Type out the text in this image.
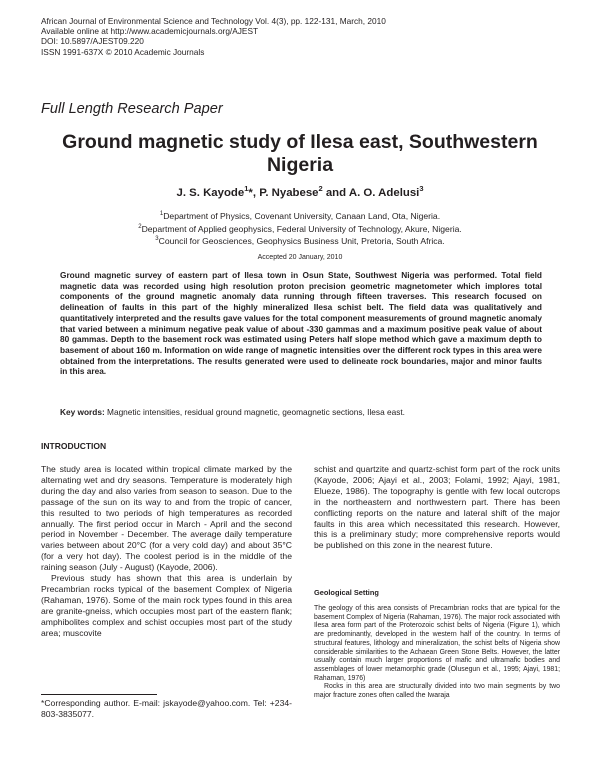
African Journal of Environmental Science and Technology Vol. 4(3), pp. 122-131, March, 2010
Available online at http://www.academicjournals.org/AJEST
DOI: 10.5897/AJEST09.220
ISSN 1991-637X © 2010 Academic Journals
Full Length Research Paper
Ground magnetic study of Ilesa east, Southwestern Nigeria
J. S. Kayode$^1$*, P. Nyabese$^2$ and A. O. Adelusi$^3$
$^1$Department of Physics, Covenant University, Canaan Land, Ota, Nigeria.
$^2$Department of Applied geophysics, Federal University of Technology, Akure, Nigeria.
$^3$Council for Geosciences, Geophysics Business Unit, Pretoria, South Africa.
Accepted 20 January, 2010

Ground magnetic survey of eastern part of Ilesa town in Osun State, Southwest Nigeria was performed. Total field magnetic data was recorded using high resolution proton precision geometric magnetometer which implores total components of the ground magnetic anomaly data running through fifteen traverses. This research focused on delineation of faults in this part of the highly mineralized Ilesa schist belt. The field data was qualitatively and quantitatively interpreted and the results gave values for the total component measurements of ground magnetic anomaly that varied between a minimum negative peak value of about -330 gammas and a maximum positive peak value of about 80 gammas. Depth to the basement rock was estimated using Peters half slope method which gave a maximum depth to basement of about 160 m. Information on wide range of magnetic intensities over the different rock types in this area were obtained from the interpretations. The results generated were used to delineate rock boundaries, major and minor faults in this area.

Key words: Magnetic intensities, residual ground magnetic, geomagnetic sections, Ilesa east.

INTRODUCTION

The study area is located within tropical climate marked by the alternating wet and dry seasons. Temperature is moderately high during the day and also varies from season to season. Due to the passage of the sun on its way to and from the tropic of cancer, this resulted to two periods of high temperatures as recorded annually. The first period occur in March - April and the second period in November - December. The average daily temperature varies between about 20°C (for a very cold day) and about 35°C (for a very hot day). The coolest period is in the middle of the raining season (July - August) (Kayode, 2006).

Previous study has shown that this area is underlain by Precambrian rocks typical of the basement Complex of Nigeria (Rahaman, 1976). Some of the main rock types found in this area are granite-gneiss, which occupies most part of the eastern flank; amphibolites complex and schist occupies most part of the study area; muscovite

schist and quartzite and quartz-schist form part of the rock units (Kayode, 2006; Ajayi et al., 2003; Folami, 1992; Ajayi, 1981, Elueze, 1986). The topography is gentle with few local outcrops in the northeastern and northwestern part. There has been conflicting reports on the nature and lateral shift of the major faults in this area which necessitated this research. However, this is a preliminary study; more comprehensive reports would be published on this zone in the nearest future.

Geological Setting

The geology of this area consists of Precambrian rocks that are typical for the basement Complex of Nigeria (Rahaman, 1976). The major rock associated with Ilesa area form part of the Proterozoic schist belts of Nigeria (Figure 1), which are predominantly, developed in the western half of the country. In terms of structural features, lithology and mineralization, the schist belts of Nigeria show considerable similarities to the Achaean Green Stone Belts. However, the latter usually contain much larger proportions of mafic and ultramafic bodies and assemblages of lower metamorphic grade (Olusegun et al., 1995; Ajayi, 1981; Rahaman, 1976)

Rocks in this area are structurally divided into two main segments by two major fracture zones often called the Iwaraja

*Corresponding author. E-mail: jskayode@yahoo.com. Tel: +234-803-3835077.
